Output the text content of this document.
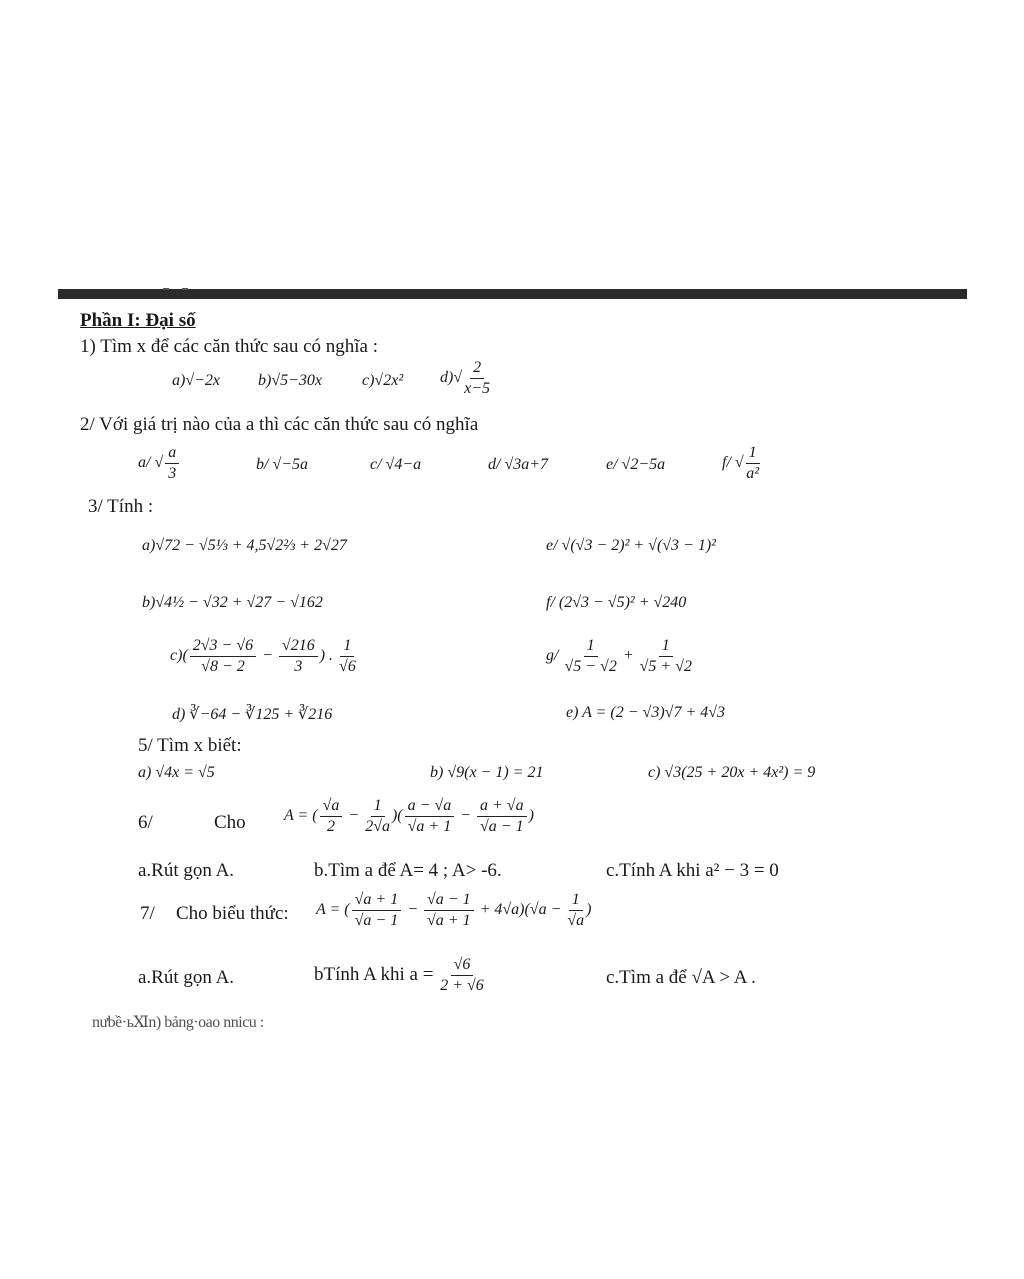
Phần I: Đại số
1) Tìm x để các căn thức sau có nghĩa :
a)√−2x b)√5−30x c)√2x² $d)√ \frac{2}{x-5}$
2/ Với giá trị nào của a thì các căn thức sau có nghĩa
a/ √ $\frac{a}{3}$	b/ √−5a	c/ √4−a	d/ √3a+7	e/ √2−5a	f/ √ $\frac{1}{\text{a²}}$
3/ Tính :
a)√72 − √5⅓ + 4,5√2⅔ + 2√27	e/ √(√3 − 2)² + √(√3 − 1)²
b)√4½ − √32 + √27 − √162	f/ (2√3 − √5)² + √240
$c)( \frac{2√3 - √6}{√8 - 2} - \frac{√216}{3}$ ) . $\frac{1}{√6}$	$g/ \frac{1}{√5 - √2} + \frac{1}{√5 + √2}$
d) ∛−64 − ∛125 + ∛216	e) A = (2 − √3)√7 + 4√3
5/ Tìm x biết:
a) √4x = √5	b) √9(x − 1) = 21	c) √3(25 + 20x + 4x²) = 9
6/	Cho A = ( $\frac{√a}{2} - \frac{1}{2√a}$ )( $\frac{a - √a}{√a + 1} - \frac{a + √a}{√a - 1}$ )
a.Rút gọn A.	b.Tìm a để A= 4 ; A> -6.	c.Tính A khi a² − 3 = 0
7/ Cho biểu thức: A = ( $\frac{√a + 1}{√a - 1} - \frac{√a - 1}{√a + 1} + 4√a)(√a - \frac{1}{√a}$ )
a.Rút gọn A.	bTính A khi $a = \frac{√6}{2 + √6}$	c.Tìm a để √A > A .
nưbề·ьⅪn) bảng·oao nnicu :
